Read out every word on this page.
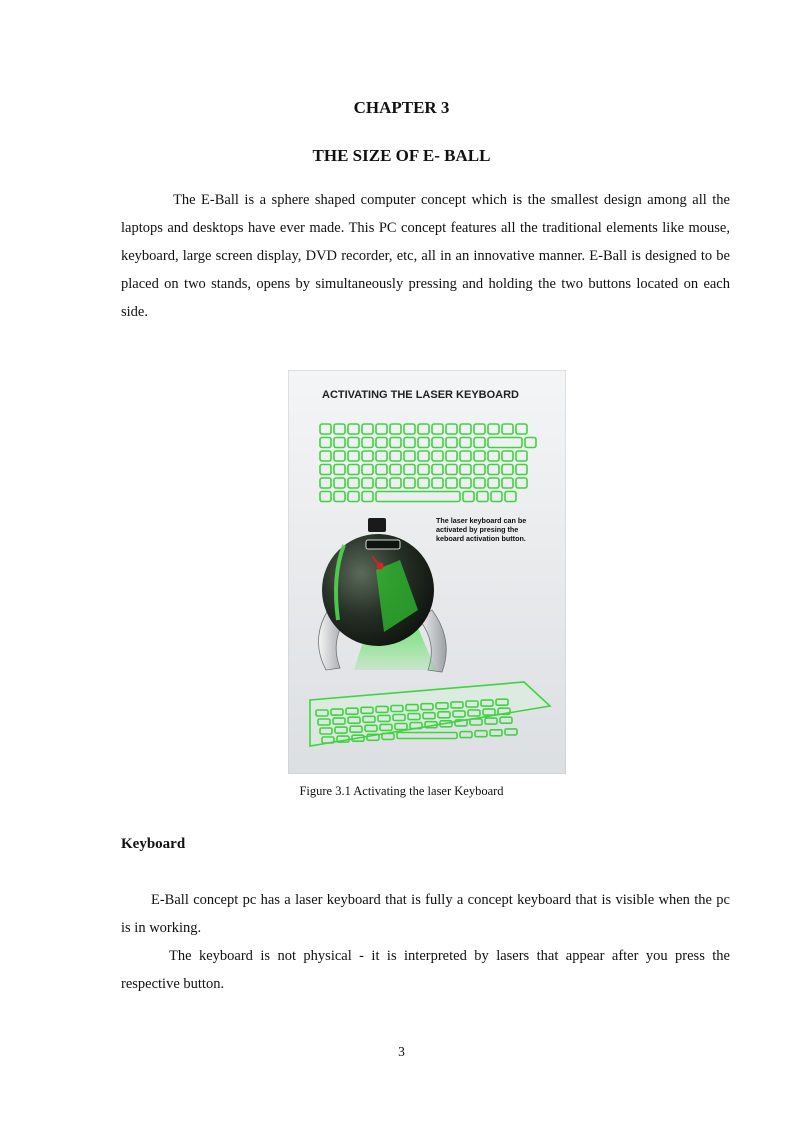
CHAPTER 3
THE SIZE OF E- BALL

The E-Ball is a sphere shaped computer concept which is the smallest design among all the laptops and desktops have ever made. This PC concept features all the traditional elements like mouse, keyboard, large screen display, DVD recorder, etc, all in an innovative manner. E-Ball is designed to be placed on two stands, opens by simultaneously pressing and holding the two buttons located on each side.

ACTIVATING THE LASER KEYBOARD
The laser keyboard can be
activated by presing the
keboard activation button.
Figure 3.1 Activating the laser Keyboard
Keyboard

E-Ball concept pc has a laser keyboard that is fully a concept keyboard that is visible when the pc is in working.

The keyboard is not physical - it is interpreted by lasers that appear after you press the respective button.

3
